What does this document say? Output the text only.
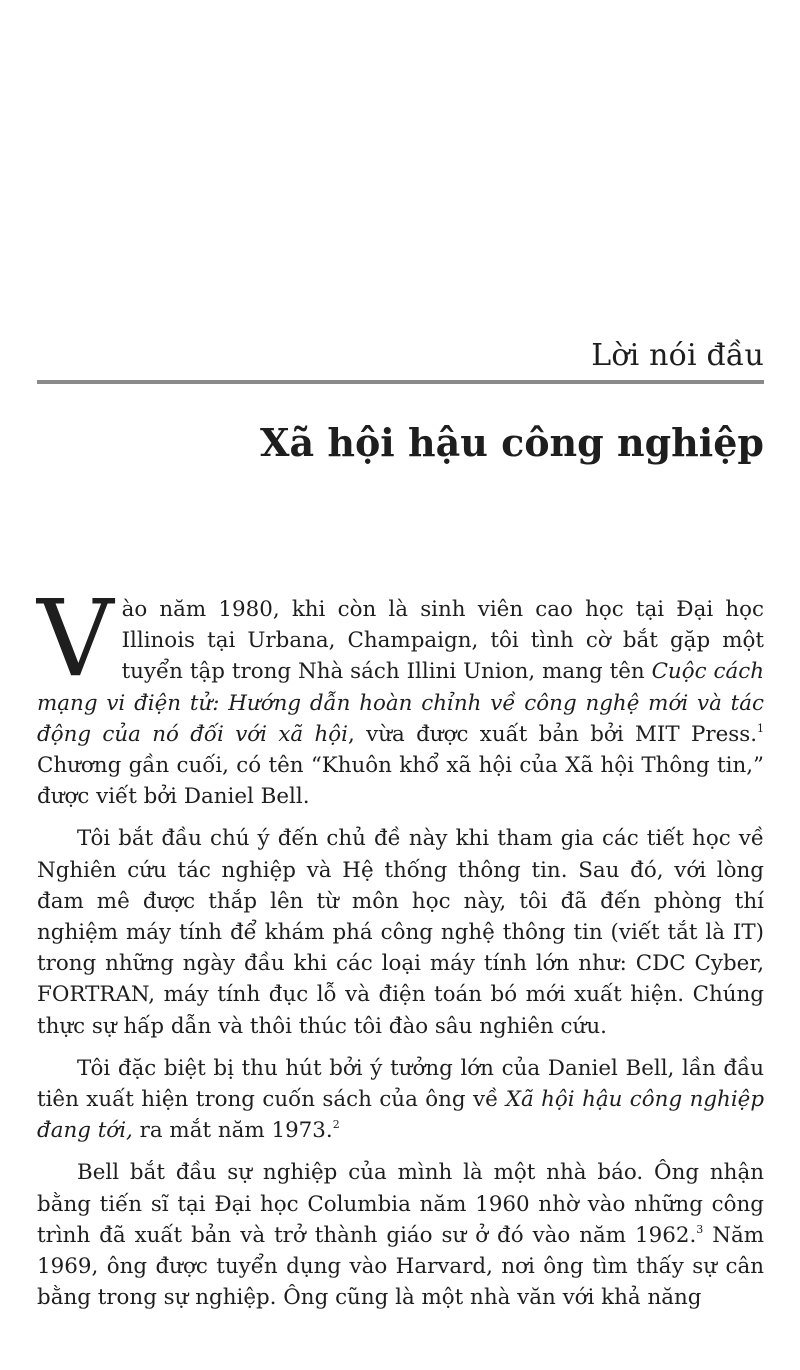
Lời nói đầu
Xã hội hậu công nghiệp

Vào năm 1980, khi còn là sinh viên cao học tại Đại học Illinois tại Urbana, Champaign, tôi tình cờ bắt gặp một tuyển tập trong Nhà sách Illini Union, mang tên Cuộc cách mạng vi điện tử: Hướng dẫn hoàn chỉnh về công nghệ mới và tác động của nó đối với xã hội, vừa được xuất bản bởi MIT Press.$^1$ Chương gần cuối, có tên “Khuôn khổ xã hội của Xã hội Thông tin,” được viết bởi Daniel Bell.

Tôi bắt đầu chú ý đến chủ đề này khi tham gia các tiết học về Nghiên cứu tác nghiệp và Hệ thống thông tin. Sau đó, với lòng đam mê được thắp lên từ môn học này, tôi đã đến phòng thí nghiệm máy tính để khám phá công nghệ thông tin (viết tắt là IT) trong những ngày đầu khi các loại máy tính lớn như: CDC Cyber, FORTRAN, máy tính đục lỗ và điện toán bó mới xuất hiện. Chúng thực sự hấp dẫn và thôi thúc tôi đào sâu nghiên cứu.

Tôi đặc biệt bị thu hút bởi ý tưởng lớn của Daniel Bell, lần đầu tiên xuất hiện trong cuốn sách của ông về Xã hội hậu công nghiệp đang tới, ra mắt năm 1973.$^2$

Bell bắt đầu sự nghiệp của mình là một nhà báo. Ông nhận bằng tiến sĩ tại Đại học Columbia năm 1960 nhờ vào những công trình đã xuất bản và trở thành giáo sư ở đó vào năm 1962.$^3$ Năm 1969, ông được tuyển dụng vào Harvard, nơi ông tìm thấy sự cân bằng trong sự nghiệp. Ông cũng là một nhà văn với khả năng
